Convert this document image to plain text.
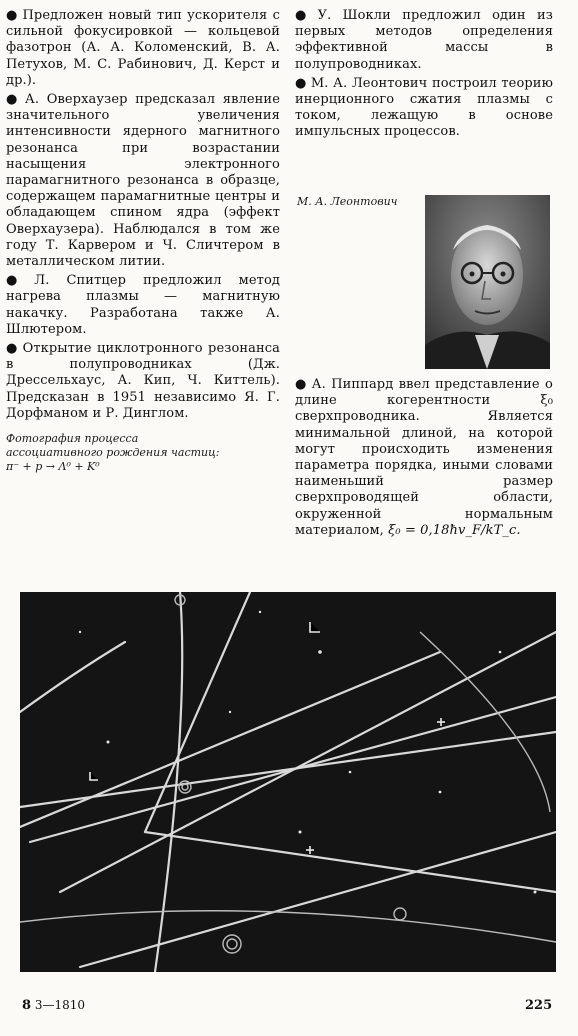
● Предложен новый тип ускорителя с сильной фокусировкой — кольцевой фазотрон (А. А. Коломенский, В. А. Петухов, М. С. Рабинович, Д. Керст и др.).

● А. Оверхаузер предсказал явление значительного увеличения интенсивности ядерного магнитного резонанса при возрастании насыщения электронного парамагнитного резонанса в образце, содержащем парамагнитные центры и обладающем спином ядра (эффект Оверхаузера). Наблюдался в том же году Т. Карвером и Ч. Сличтером в металлическом литии.

● Л. Спитцер предложил метод нагрева плазмы — магнитную накачку. Разработана также А. Шлютером.

● Открытие циклотронного резонанса в полупроводниках (Дж. Дрессельхаус, А. Кип, Ч. Киттель). Предсказан в 1951 независимо Я. Г. Дорфманом и Р. Динглом.

Фотография процесса
ассоциативного рождения частиц:
π⁻ + p → Λ⁰ + K⁰

● У. Шокли предложил один из первых методов определения эффективной массы в полупроводниках.

● М. А. Леонтович построил теорию инерционного сжатия плазмы с током, лежащую в основе импульсных процессов.

М. А. Леонтович

● А. Пиппард ввел представление о длине когерентности ξ₀ сверхпроводника. Является минимальной длиной, на которой могут происходить изменения параметра порядка, иными словами наименьший размер сверхпроводящей области, окруженной нормальным материалом, ξ₀ = 0,18ħv_F/kT_c.

8 3—1810	225
